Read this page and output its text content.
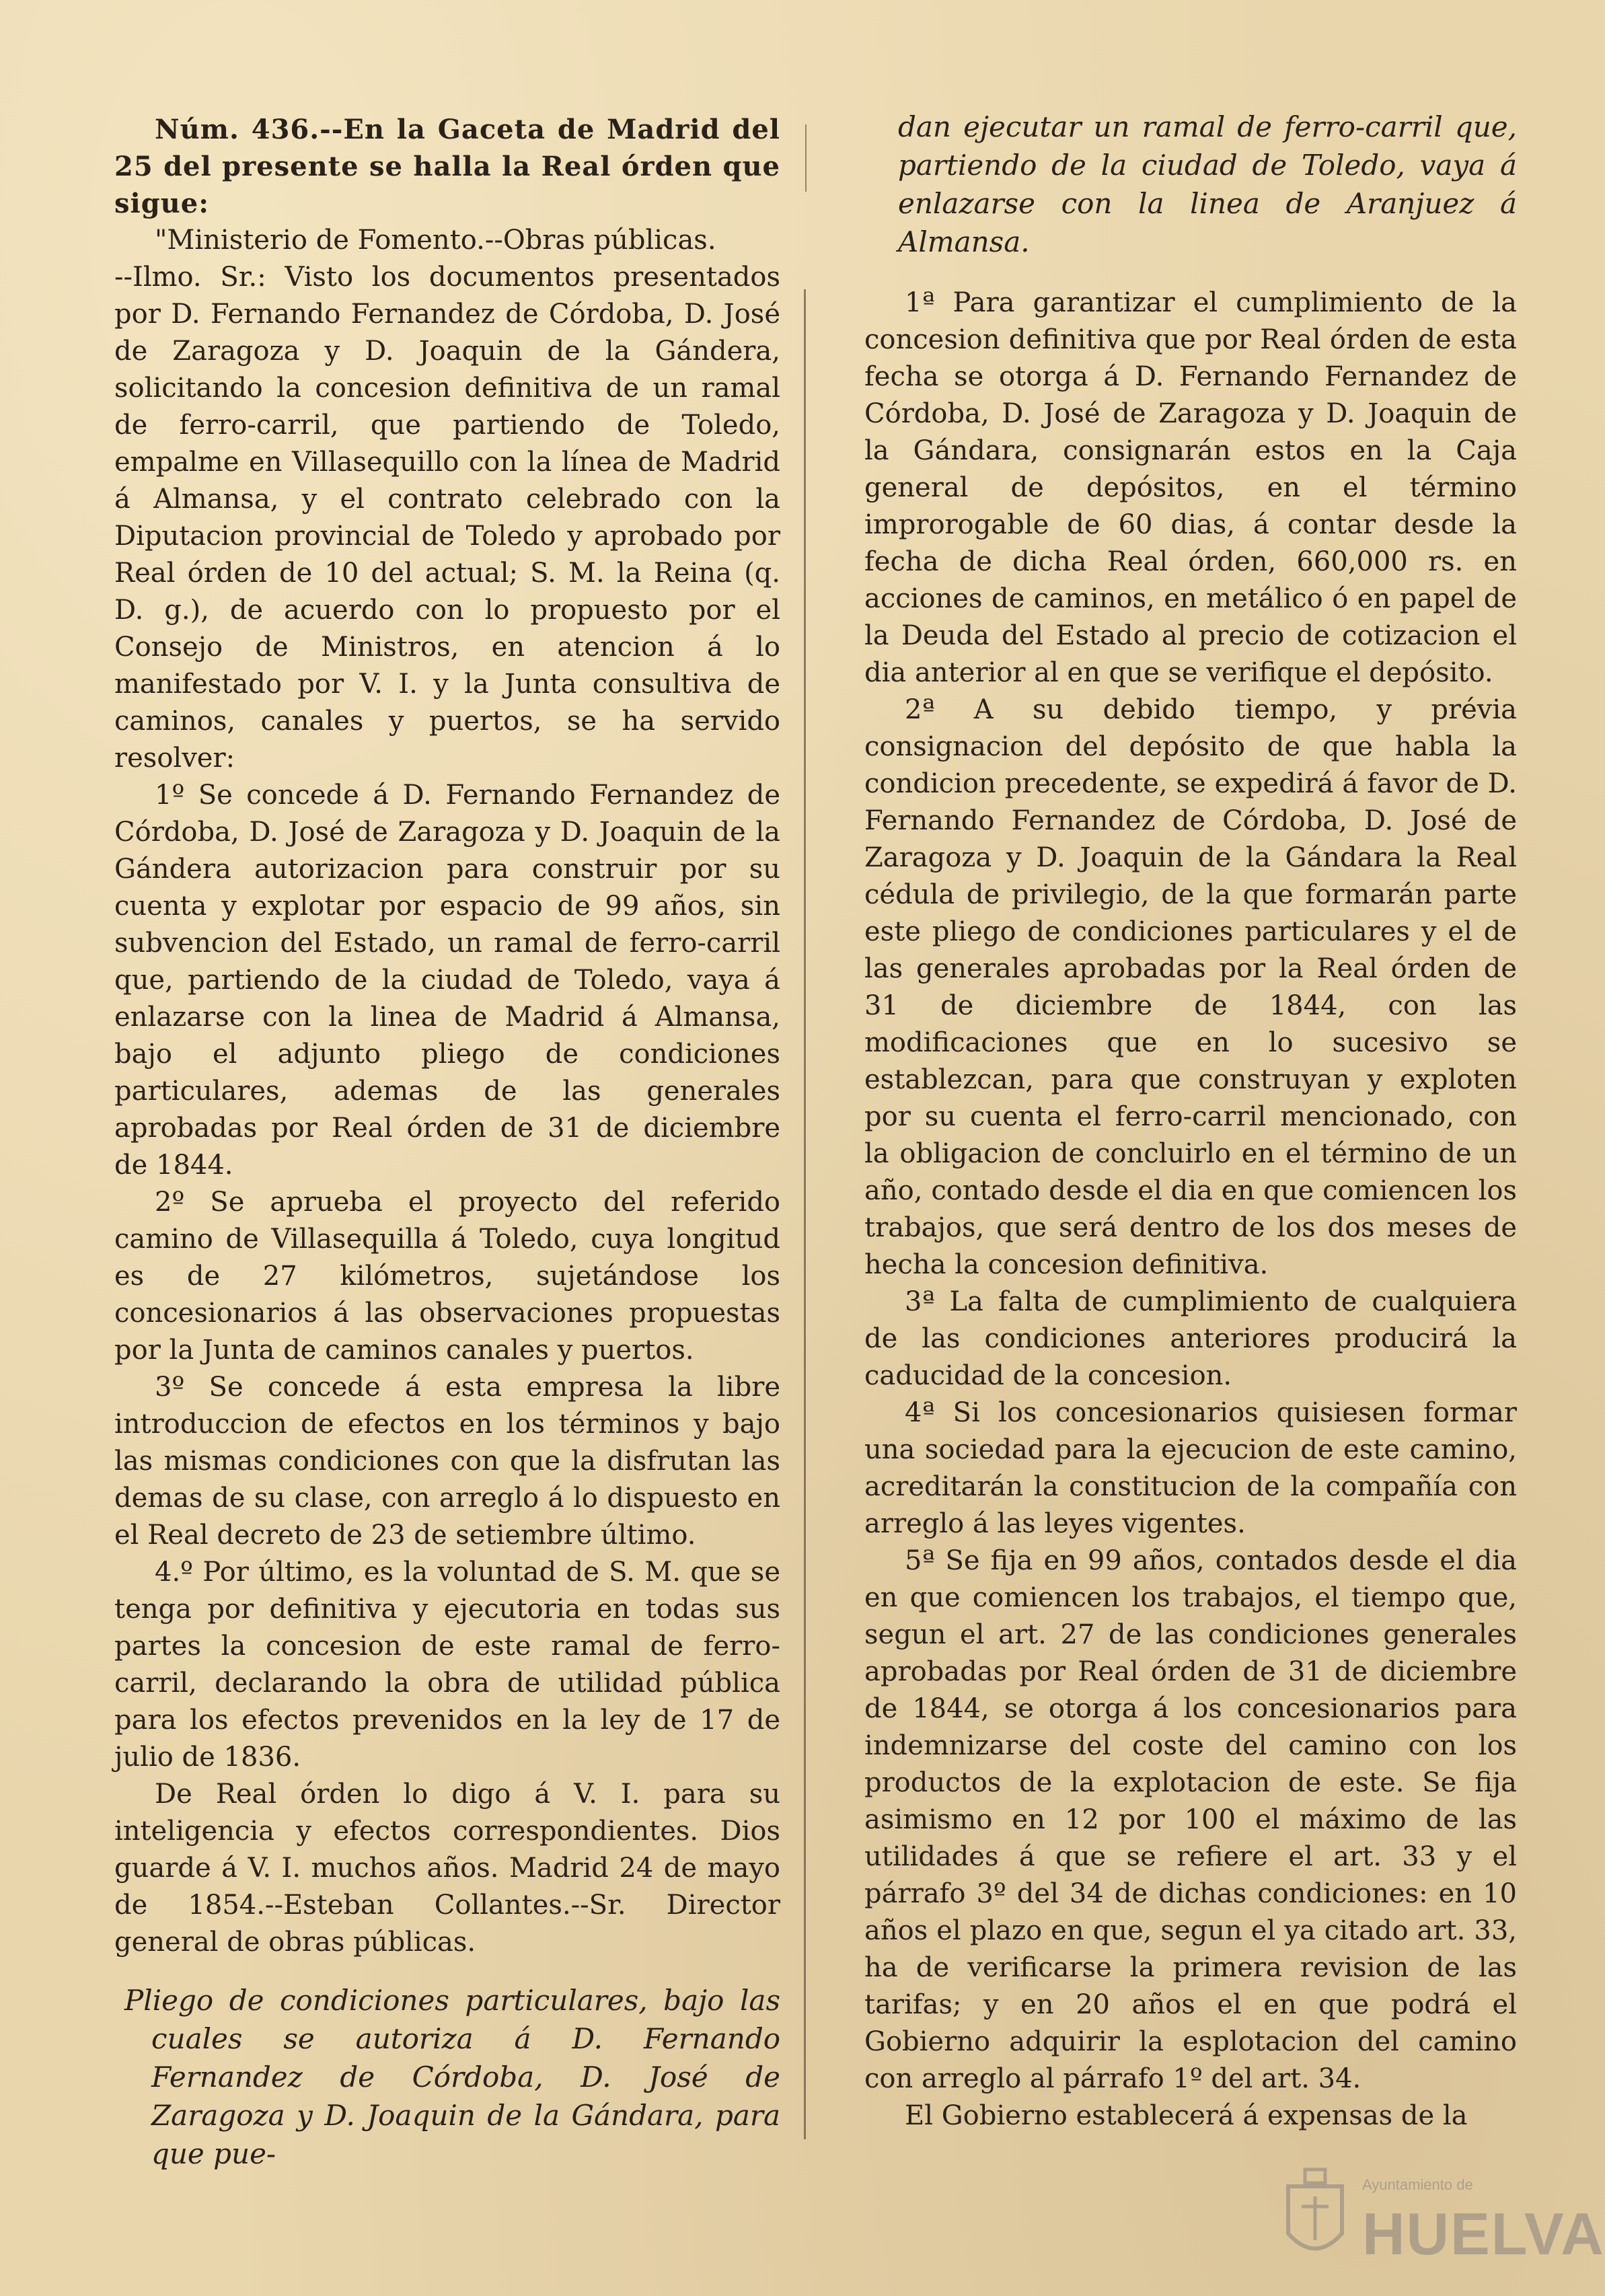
Núm. 436.--En la Gaceta de Madrid del 25 del presente se halla la Real órden que sigue:

"Ministerio de Fomento.--Obras públicas.

--Ilmo. Sr.: Visto los documentos presentados por D. Fernando Fernandez de Córdoba, D. José de Zaragoza y D. Joaquin de la Gándera, solicitando la concesion definitiva de un ramal de ferro-carril, que partiendo de Toledo, empalme en Villasequillo con la línea de Madrid á Almansa, y el contrato celebrado con la Diputacion provincial de Toledo y aprobado por Real órden de 10 del actual; S. M. la Reina (q. D. g.), de acuerdo con lo propuesto por el Consejo de Ministros, en atencion á lo manifestado por V. I. y la Junta consultiva de caminos, canales y puertos, se ha servido resolver:

1º Se concede á D. Fernando Fernandez de Córdoba, D. José de Zaragoza y D. Joaquin de la Gándera autorizacion para construir por su cuenta y explotar por espacio de 99 años, sin subvencion del Estado, un ramal de ferro-carril que, partiendo de la ciudad de Toledo, vaya á enlazarse con la linea de Madrid á Almansa, bajo el adjunto pliego de condiciones particulares, ademas de las generales aprobadas por Real órden de 31 de diciembre de 1844.

2º Se aprueba el proyecto del referido camino de Villasequilla á Toledo, cuya longitud es de 27 kilómetros, sujetándose los concesionarios á las observaciones propuestas por la Junta de caminos canales y puertos.

3º Se concede á esta empresa la libre introduccion de efectos en los términos y bajo las mismas condiciones con que la disfrutan las demas de su clase, con arreglo á lo dispuesto en el Real decreto de 23 de setiembre último.

4.º Por último, es la voluntad de S. M. que se tenga por definitiva y ejecutoria en todas sus partes la concesion de este ramal de ferro-carril, declarando la obra de utilidad pública para los efectos prevenidos en la ley de 17 de julio de 1836.

De Real órden lo digo á V. I. para su inteligencia y efectos correspondientes. Dios guarde á V. I. muchos años. Madrid 24 de mayo de 1854.--Esteban Collantes.--Sr. Director general de obras públicas.

Pliego de condiciones particulares, bajo las cuales se autoriza á D. Fernando Fernandez de Córdoba, D. José de Zaragoza y D. Joaquin de la Gándara, para que pue-

dan ejecutar un ramal de ferro-carril que, partiendo de la ciudad de Toledo, vaya á enlazarse con la linea de Aranjuez á Almansa.

1ª Para garantizar el cumplimiento de la concesion definitiva que por Real órden de esta fecha se otorga á D. Fernando Fernandez de Córdoba, D. José de Zaragoza y D. Joaquin de la Gándara, consignarán estos en la Caja general de depósitos, en el término improrogable de 60 dias, á contar desde la fecha de dicha Real órden, 660,000 rs. en acciones de caminos, en metálico ó en papel de la Deuda del Estado al precio de cotizacion el dia anterior al en que se verifique el depósito.

2ª A su debido tiempo, y prévia consignacion del depósito de que habla la condicion precedente, se expedirá á favor de D. Fernando Fernandez de Córdoba, D. José de Zaragoza y D. Joaquin de la Gándara la Real cédula de privilegio, de la que formarán parte este pliego de condiciones particulares y el de las generales aprobadas por la Real órden de 31 de diciembre de 1844, con las modificaciones que en lo sucesivo se establezcan, para que construyan y exploten por su cuenta el ferro-carril mencionado, con la obligacion de concluirlo en el término de un año, contado desde el dia en que comiencen los trabajos, que será dentro de los dos meses de hecha la concesion definitiva.

3ª La falta de cumplimiento de cualquiera de las condiciones anteriores producirá la caducidad de la concesion.

4ª Si los concesionarios quisiesen formar una sociedad para la ejecucion de este camino, acreditarán la constitucion de la compañía con arreglo á las leyes vigentes.

5ª Se fija en 99 años, contados desde el dia en que comiencen los trabajos, el tiempo que, segun el art. 27 de las condiciones generales aprobadas por Real órden de 31 de diciembre de 1844, se otorga á los concesionarios para indemnizarse del coste del camino con los productos de la explotacion de este. Se fija asimismo en 12 por 100 el máximo de las utilidades á que se refiere el art. 33 y el párrafo 3º del 34 de dichas condiciones: en 10 años el plazo en que, segun el ya citado art. 33, ha de verificarse la primera revision de las tarifas; y en 20 años el en que podrá el Gobierno adquirir la esplotacion del camino con arreglo al párrafo 1º del art. 34.

El Gobierno establecerá á expensas de la

Ayuntamiento de
HUELVA
